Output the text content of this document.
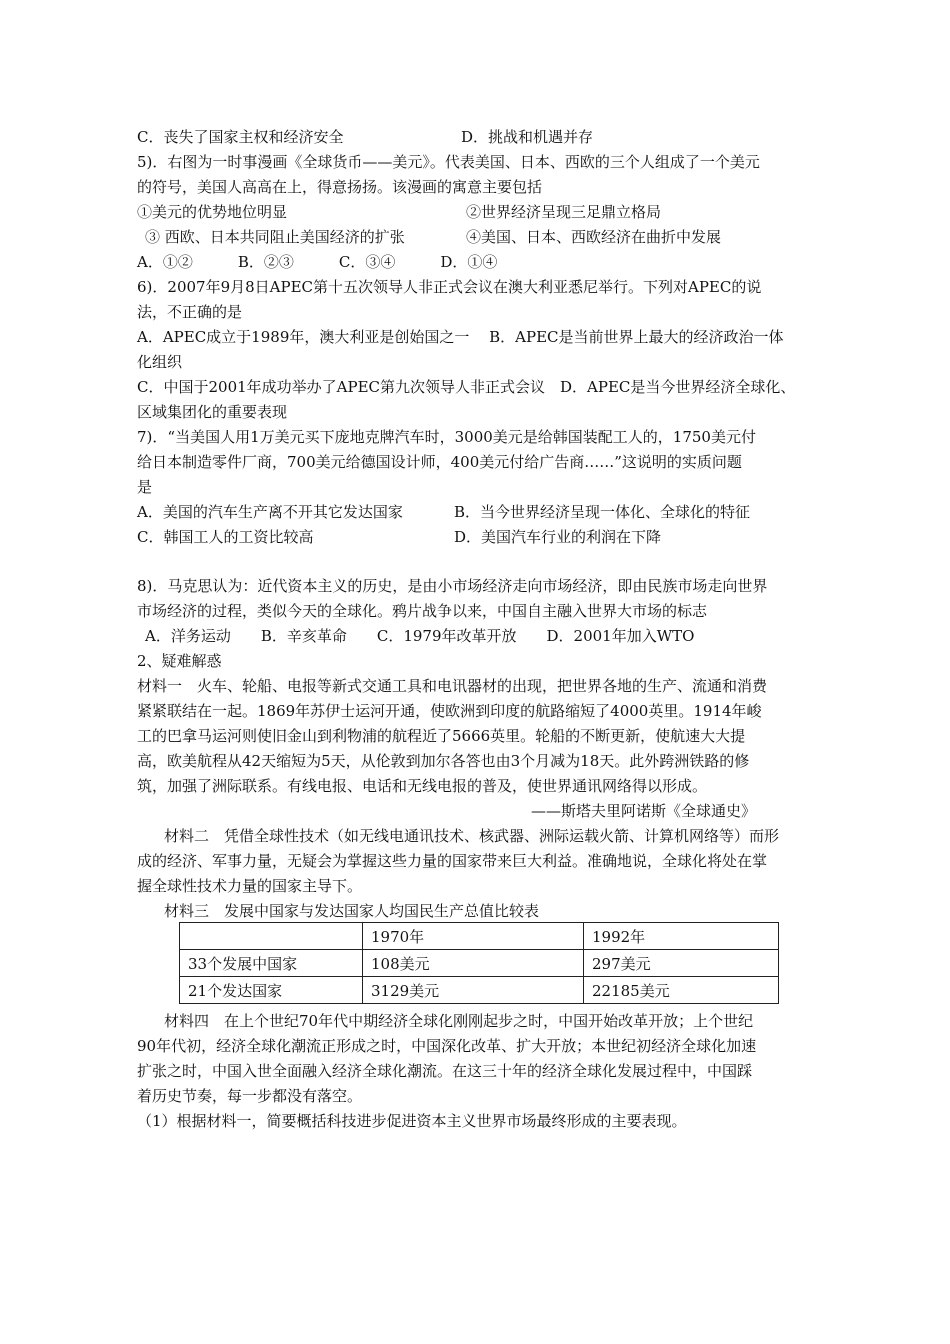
C．丧失了国家主权和经济安全	D．挑战和机遇并存
5)．右图为一时事漫画《全球货币——美元》。代表美国、日本、西欧的三个人组成了一个美元
的符号，美国人高高在上，得意扬扬。该漫画的寓意主要包括
①美元的优势地位明显	②世界经济呈现三足鼎立格局
③ 西欧、日本共同阻止美国经济的扩张	④美国、日本、西欧经济在曲折中发展
A．①②　　　B．②③　　　C．③④　　　D．①④
6)．2007年9月8日APEC第十五次领导人非正式会议在澳大利亚悉尼举行。下列对APEC的说
法，不正确的是
A．APEC成立于1989年，澳大利亚是创始国之一　 B．APEC是当前世界上最大的经济政治一体
化组织
C．中国于2001年成功举办了APEC第九次领导人非正式会议　D．APEC是当今世界经济全球化、
区域集团化的重要表现
7)．“当美国人用1万美元买下庞地克牌汽车时，3000美元是给韩国装配工人的，1750美元付
给日本制造零件厂商，700美元给德国设计师，400美元付给广告商……”这说明的实质问题
是
A．美国的汽车生产离不开其它发达国家	B．当今世界经济呈现一体化、全球化的特征
C．韩国工人的工资比较高	D．美国汽车行业的利润在下降
8)．马克思认为：近代资本主义的历史，是由小市场经济走向市场经济，即由民族市场走向世界
市场经济的过程，类似今天的全球化。鸦片战争以来，中国自主融入世界大市场的标志
A．洋务运动　　B．辛亥革命　　C．1979年改革开放　　D．2001年加入WTO
2、疑难解惑
材料一　火车、轮船、电报等新式交通工具和电讯器材的出现，把世界各地的生产、流通和消费
紧紧联结在一起。1869年苏伊士运河开通，使欧洲到印度的航路缩短了4000英里。1914年峻
工的巴拿马运河则使旧金山到利物浦的航程近了5666英里。轮船的不断更新，使航速大大提
高，欧美航程从42天缩短为5天，从伦敦到加尔各答也由3个月减为18天。此外跨洲铁路的修
筑，加强了洲际联系。有线电报、电话和无线电报的普及，使世界通讯网络得以形成。
——斯塔夫里阿诺斯《全球通史》
材料二　凭借全球性技术（如无线电通讯技术、核武器、洲际运载火箭、计算机网络等）而形
成的经济、军事力量，无疑会为掌握这些力量的国家带来巨大利益。准确地说，全球化将处在掌
握全球性技术力量的国家主导下。
材料三　发展中国家与发达国家人均国民生产总值比较表
	1970年	1992年
33个发展中国家	108美元	297美元
21个发达国家	3129美元	22185美元
材料四　在上个世纪70年代中期经济全球化刚刚起步之时，中国开始改革开放；上个世纪
90年代初，经济全球化潮流正形成之时，中国深化改革、扩大开放；本世纪初经济全球化加速
扩张之时，中国入世全面融入经济全球化潮流。在这三十年的经济全球化发展过程中，中国踩
着历史节奏，每一步都没有落空。
（1）根据材料一，简要概括科技进步促进资本主义世界市场最终形成的主要表现。
